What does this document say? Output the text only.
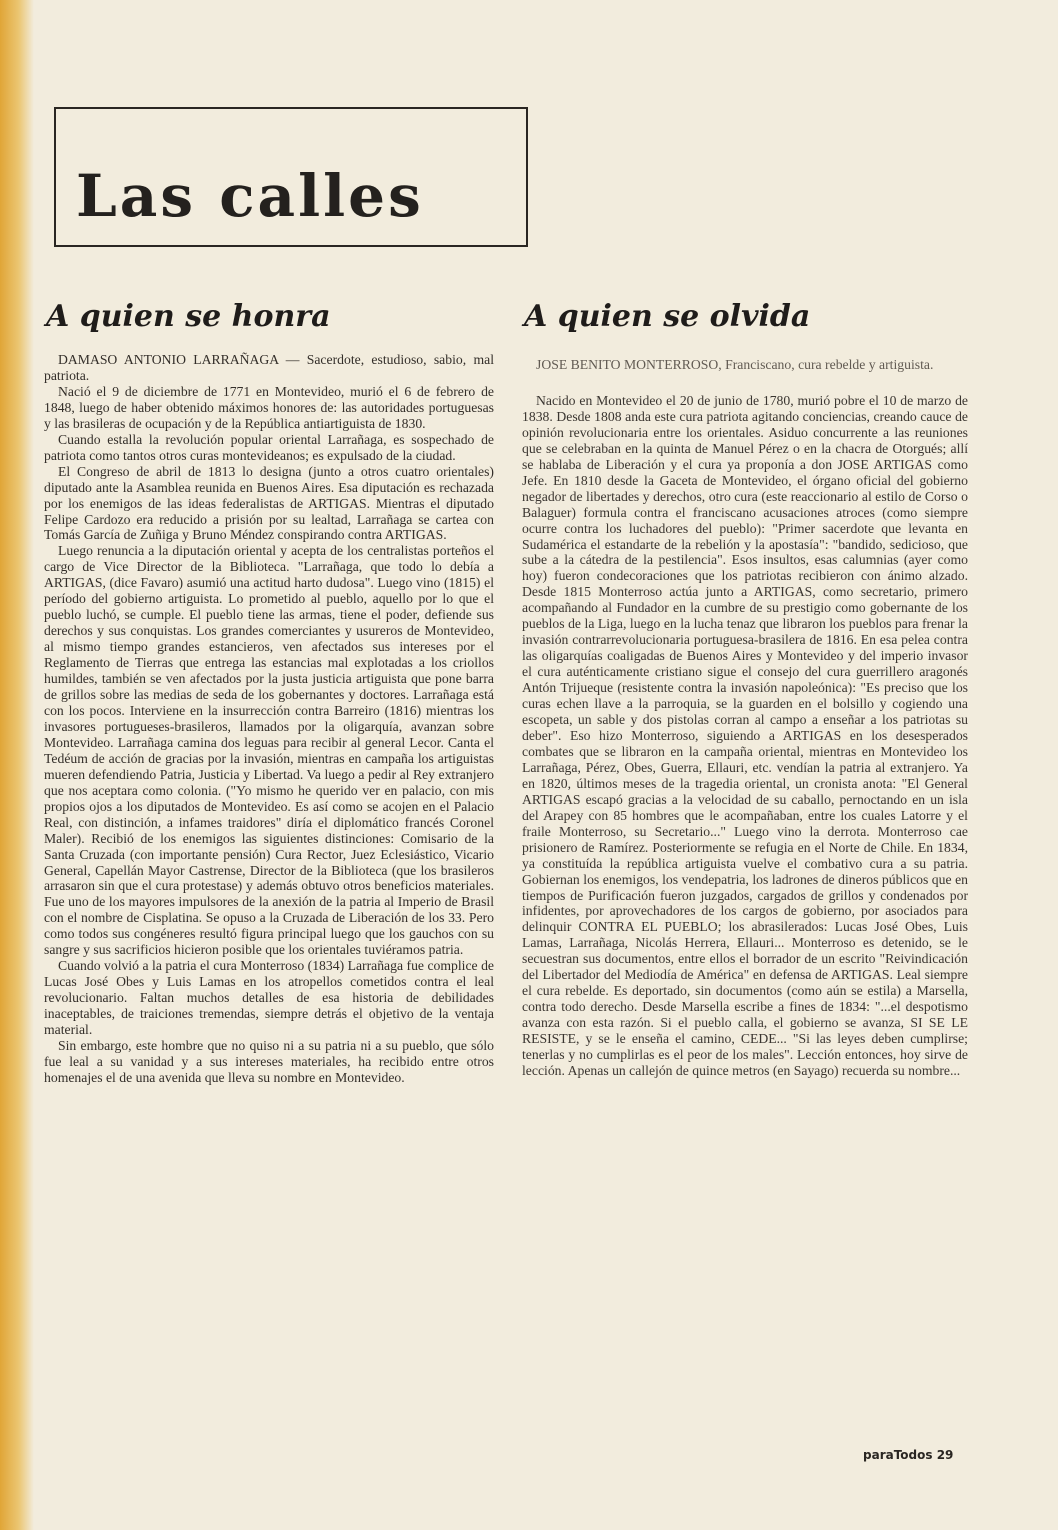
Las calles
A quien se honra	A quien se olvida

DAMASO ANTONIO LARRAÑAGA — Sacerdote, estudioso, sabio, mal patriota.

Nació el 9 de diciembre de 1771 en Montevideo, murió el 6 de febrero de 1848, luego de haber obtenido máximos honores de: las autoridades portuguesas y las brasileras de ocupación y de la República antiartiguista de 1830.

Cuando estalla la revolución popular oriental Larrañaga, es sospechado de patriota como tantos otros curas montevideanos; es expulsado de la ciudad.

El Congreso de abril de 1813 lo designa (junto a otros cuatro orientales) diputado ante la Asamblea reunida en Buenos Aires. Esa diputación es rechazada por los enemigos de las ideas federalistas de ARTIGAS. Mientras el diputado Felipe Cardozo era reducido a prisión por su lealtad, Larrañaga se cartea con Tomás García de Zuñiga y Bruno Méndez conspirando contra ARTIGAS.

Luego renuncia a la diputación oriental y acepta de los centralistas porteños el cargo de Vice Director de la Biblioteca. "Larrañaga, que todo lo debía a ARTIGAS, (dice Favaro) asumió una actitud harto dudosa". Luego vino (1815) el período del gobierno artiguista. Lo prometido al pueblo, aquello por lo que el pueblo luchó, se cumple. El pueblo tiene las armas, tiene el poder, defiende sus derechos y sus conquistas. Los grandes comerciantes y usureros de Montevideo, al mismo tiempo grandes estancieros, ven afectados sus intereses por el Reglamento de Tierras que entrega las estancias mal explotadas a los criollos humildes, también se ven afectados por la justa justicia artiguista que pone barra de grillos sobre las medias de seda de los gobernantes y doctores. Larrañaga está con los pocos. Interviene en la insurrección contra Barreiro (1816) mientras los invasores portugueses-brasileros, llamados por la oligarquía, avanzan sobre Montevideo. Larrañaga camina dos leguas para recibir al general Lecor. Canta el Tedéum de acción de gracias por la invasión, mientras en campaña los artiguistas mueren defendiendo Patria, Justicia y Libertad. Va luego a pedir al Rey extranjero que nos aceptara como colonia. ("Yo mismo he querido ver en palacio, con mis propios ojos a los diputados de Montevideo. Es así como se acojen en el Palacio Real, con distinción, a infames traidores" diría el diplomático francés Coronel Maler). Recibió de los enemigos las siguientes distinciones: Comisario de la Santa Cruzada (con importante pensión) Cura Rector, Juez Eclesiástico, Vicario General, Capellán Mayor Castrense, Director de la Biblioteca (que los brasileros arrasaron sin que el cura protestase) y además obtuvo otros beneficios materiales. Fue uno de los mayores impulsores de la anexión de la patria al Imperio de Brasil con el nombre de Cisplatina. Se opuso a la Cruzada de Liberación de los 33. Pero como todos sus congéneres resultó figura principal luego que los gauchos con su sangre y sus sacrificios hicieron posible que los orientales tuviéramos patria.

Cuando volvió a la patria el cura Monterroso (1834) Larrañaga fue complice de Lucas José Obes y Luis Lamas en los atropellos cometidos contra el leal revolucionario. Faltan muchos detalles de esa historia de debilidades inaceptables, de traiciones tremendas, siempre detrás el objetivo de la ventaja material.

Sin embargo, este hombre que no quiso ni a su patria ni a su pueblo, que sólo fue leal a su vanidad y a sus intereses materiales, ha recibido entre otros homenajes el de una avenida que lleva su nombre en Montevideo.

JOSE BENITO MONTERROSO, Franciscano, cura rebelde y artiguista.

Nacido en Montevideo el 20 de junio de 1780, murió pobre el 10 de marzo de 1838. Desde 1808 anda este cura patriota agitando conciencias, creando cauce de opinión revolucionaria entre los orientales. Asiduo concurrente a las reuniones que se celebraban en la quinta de Manuel Pérez o en la chacra de Otorgués; allí se hablaba de Liberación y el cura ya proponía a don JOSE ARTIGAS como Jefe. En 1810 desde la Gaceta de Montevideo, el órgano oficial del gobierno negador de libertades y derechos, otro cura (este reaccionario al estilo de Corso o Balaguer) formula contra el franciscano acusaciones atroces (como siempre ocurre contra los luchadores del pueblo): "Primer sacerdote que levanta en Sudamérica el estandarte de la rebelión y la apostasía": "bandido, sedicioso, que sube a la cátedra de la pestilencia". Esos insultos, esas calumnias (ayer como hoy) fueron condecoraciones que los patriotas recibieron con ánimo alzado. Desde 1815 Monterroso actúa junto a ARTIGAS, como secretario, primero acompañando al Fundador en la cumbre de su prestigio como gobernante de los pueblos de la Liga, luego en la lucha tenaz que libraron los pueblos para frenar la invasión contrarrevolucionaria portuguesa-brasilera de 1816. En esa pelea contra las oligarquías coaligadas de Buenos Aires y Montevideo y del imperio invasor el cura auténticamente cristiano sigue el consejo del cura guerrillero aragonés Antón Trijueque (resistente contra la invasión napoleónica): "Es preciso que los curas echen llave a la parroquia, se la guarden en el bolsillo y cogiendo una escopeta, un sable y dos pistolas corran al campo a enseñar a los patriotas su deber". Eso hizo Monterroso, siguiendo a ARTIGAS en los desesperados combates que se libraron en la campaña oriental, mientras en Montevideo los Larrañaga, Pérez, Obes, Guerra, Ellauri, etc. vendían la patria al extranjero. Ya en 1820, últimos meses de la tragedia oriental, un cronista anota: "El General ARTIGAS escapó gracias a la velocidad de su caballo, pernoctando en un isla del Arapey con 85 hombres que le acompañaban, entre los cuales Latorre y el fraile Monterroso, su Secretario..." Luego vino la derrota. Monterroso cae prisionero de Ramírez. Posteriormente se refugia en el Norte de Chile. En 1834, ya constituída la república artiguista vuelve el combativo cura a su patria. Gobiernan los enemigos, los vendepatria, los ladrones de dineros públicos que en tiempos de Purificación fueron juzgados, cargados de grillos y condenados por infidentes, por aprovechadores de los cargos de gobierno, por asociados para delinquir CONTRA EL PUEBLO; los abrasilerados: Lucas José Obes, Luis Lamas, Larrañaga, Nicolás Herrera, Ellauri... Monterroso es detenido, se le secuestran sus documentos, entre ellos el borrador de un escrito "Reivindicación del Libertador del Mediodía de América" en defensa de ARTIGAS. Leal siempre el cura rebelde. Es deportado, sin documentos (como aún se estila) a Marsella, contra todo derecho. Desde Marsella escribe a fines de 1834: "...el despotismo avanza con esta razón. Si el pueblo calla, el gobierno se avanza, SI SE LE RESISTE, y se le enseña el camino, CEDE... "Si las leyes deben cumplirse; tenerlas y no cumplirlas es el peor de los males". Lección entonces, hoy sirve de lección. Apenas un callejón de quince metros (en Sayago) recuerda su nombre...

paraTodos 29
